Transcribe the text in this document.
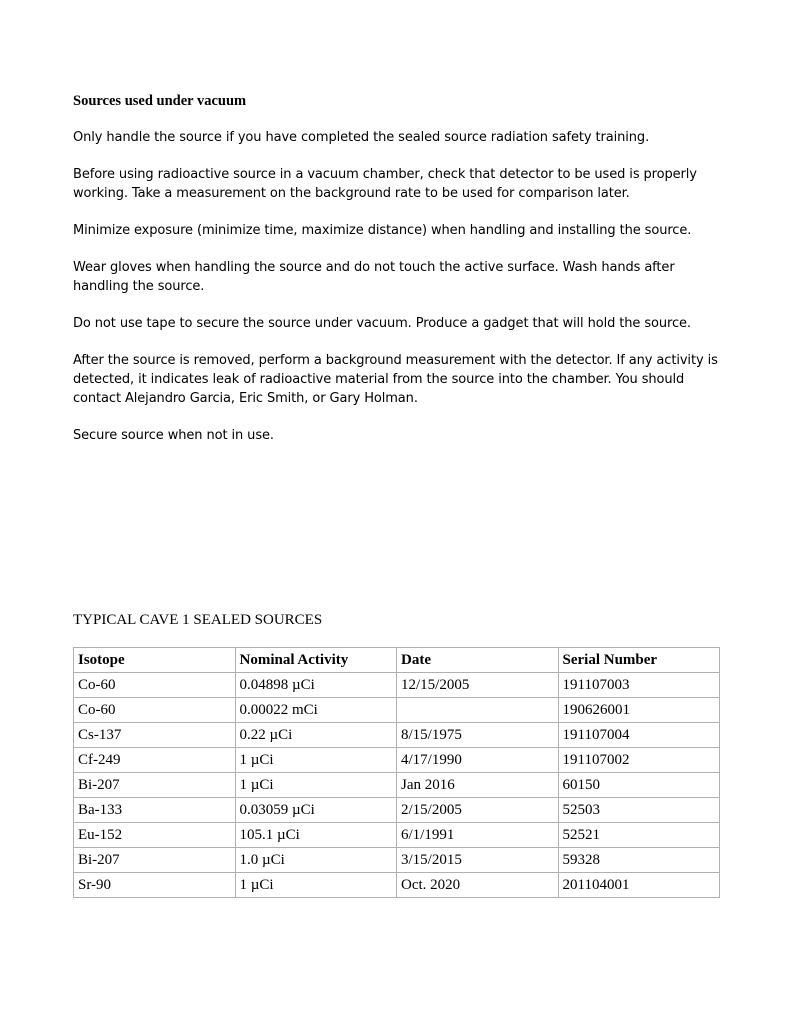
Sources used under vacuum

Only handle the source if you have completed the sealed source radiation safety training.

Before using radioactive source in a vacuum chamber, check that detector to be used is properly working. Take a measurement on the background rate to be used for comparison later.

Minimize exposure (minimize time, maximize distance) when handling and installing the source.

Wear gloves when handling the source and do not touch the active surface. Wash hands after handling the source.

Do not use tape to secure the source under vacuum. Produce a gadget that will hold the source.

After the source is removed, perform a background measurement with the detector. If any activity is detected, it indicates leak of radioactive material from the source into the chamber. You should contact Alejandro Garcia, Eric Smith, or Gary Holman.

Secure source when not in use.

TYPICAL CAVE 1 SEALED SOURCES
Isotope	Nominal Activity	Date	Serial Number
Co-60	0.04898 µCi	12/15/2005	191107003
Co-60	0.00022 mCi		190626001
Cs-137	0.22 µCi	8/15/1975	191107004
Cf-249	1 µCi	4/17/1990	191107002
Bi-207	1 µCi	Jan 2016	60150
Ba-133	0.03059 µCi	2/15/2005	52503
Eu-152	105.1 µCi	6/1/1991	52521
Bi-207	1.0 µCi	3/15/2015	59328
Sr-90	1 µCi	Oct. 2020	201104001
